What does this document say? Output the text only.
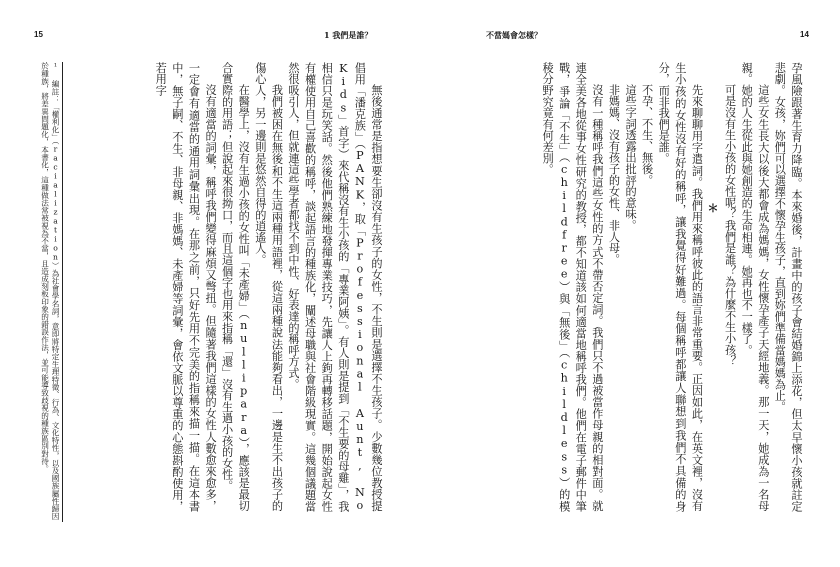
15	1 我們是誰？

無後通常是指想要生卻沒有生孩子的女性，不生則是選擇不生孩子。少數幾位教授提倡用「潘克族」（PANK，取「Professional Aunt, No Kids」首字）來代稱沒有生小孩的「專業阿姨」。有人則是提到「不生要的母雞」，我相信只是玩笑話。然後他們熟練地發揮專業技巧，先讓人上鉤再轉移話題，開始說起女性有權使用自己喜歡的稱呼，談起語言的種族化，闡述母職與社會階級現實。這幾個議題當然很吸引人，但就連這些學者都找不到中性、好表達的稱呼方式。

我們被困在無後和不生這兩種用語裡，從這兩種說法能夠看出，一邊是生不出孩子的傷心人，另一邊則是悠然自得的逍遙人。

在醫學上，沒有生過小孩的女性叫「未產婦」（nullipara），應該是最切合實際的用語；但說起來很拗口，而且這個字也用來指稱「還」沒有生過小孩的女性。

沒有適當的詞彙，稱呼我們變得麻煩又彆扭。但隨著我們這樣的女性人數愈來愈多，一定會有適當的通用詞彙出現。在那之前，只好先用不完美的指稱來描一描。在這本書中，無子嗣、不生、非母親、非媽媽、未產婦等詞彙，會依文脈以尊重的心態斟酌使用，若用字

¹ 編註：「權利化」（racialization）為社會學名詞，意即將特定生理特徵、行為、文化特性，以及國族屬性歸因於種族，將差異問題化，本書化，這種做法常被視為不當，且造成刻板印象的錯誤作法，並可能導致歧視的種族區別對待。
不當媽會怎樣？	14

孕風險跟著生育力降臨。本來婚後，計畫中的孩子會結婚錦上添花，但太早懷小孩就註定悲劇。女孩，妳們可以選擇不懷孕生孩子，直到妳們準備當媽媽為止。

這些女生長大以後大都會成為媽媽，女性懷孕產子天經地義。那一天，她成為一名母親。她的人生從此與她創造的生命相連。她再也不一樣了。

可是沒有生小孩的女性呢？我們是誰？為什麼不生小孩？

＊

先來聊聊用字遣詞。我們用來稱呼彼此的語言非常重要。正因如此，在英文裡，沒有生小孩的女性沒有好的稱呼，讓我覺得好難過。每個稱呼都讓人聯想到我們不具備的身分，而非我們是誰。

不孕、不生、無後。

這些字詞透露出批評的意味。

非媽媽、沒有孩子的女性、非人母。

沒有一種稱呼我們這些女性的方式不帶否定詞。我們只不過被當作母親的相對面。就連全美各地從事女性研究的教授，都不知道該如何適當地稱呼我們。他們在電子郵件中筆戰，爭論「不生」（childfree）與「無後」（childless）的模稜分野究竟有何差別。
